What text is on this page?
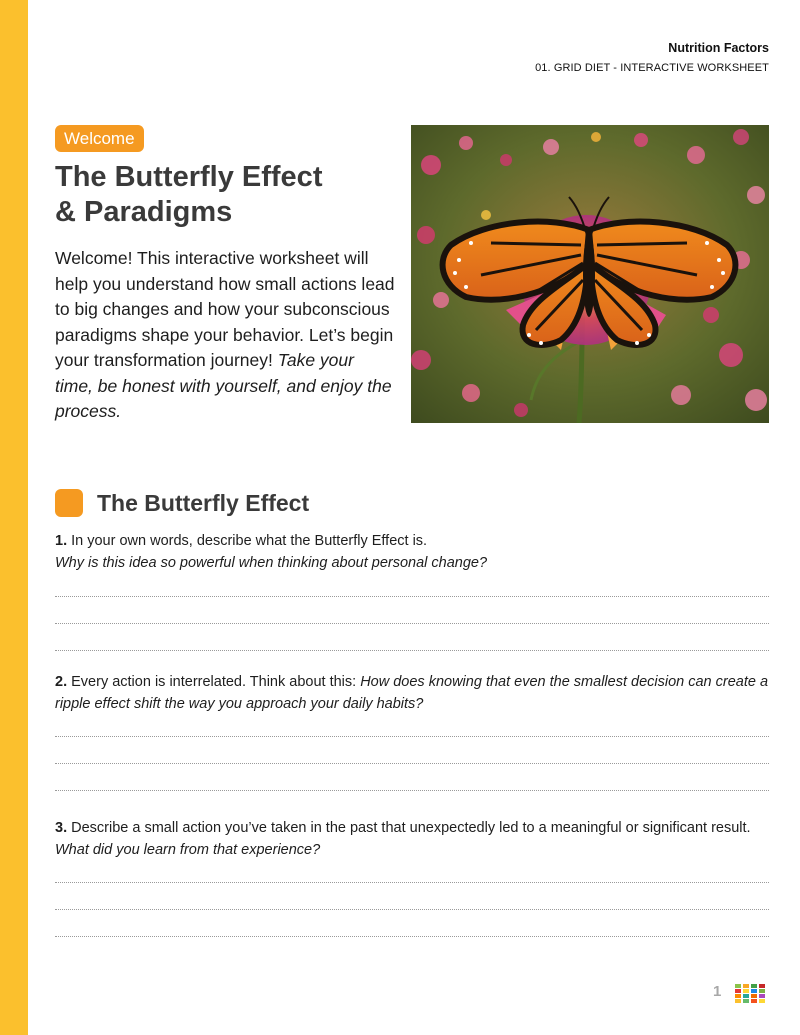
Nutrition Factors
01. GRID DIET - INTERACTIVE WORKSHEET
Welcome
The Butterfly Effect
& Paradigms

Welcome! This interactive worksheet will help you understand how small actions lead to big changes and how your subconscious paradigms shape your behavior. Let’s begin your transformation journey! Take your time, be honest with yourself, and enjoy the process.

The Butterfly Effect

1. In your own words, describe what the Butterfly Effect is.
Why is this idea so powerful when thinking about personal change?

2. Every action is interrelated. Think about this: How does knowing that even the smallest decision can create a ripple effect shift the way you approach your daily habits?

3. Describe a small action you’ve taken in the past that unexpectedly led to a meaningful or significant result. What did you learn from that experience?

1
